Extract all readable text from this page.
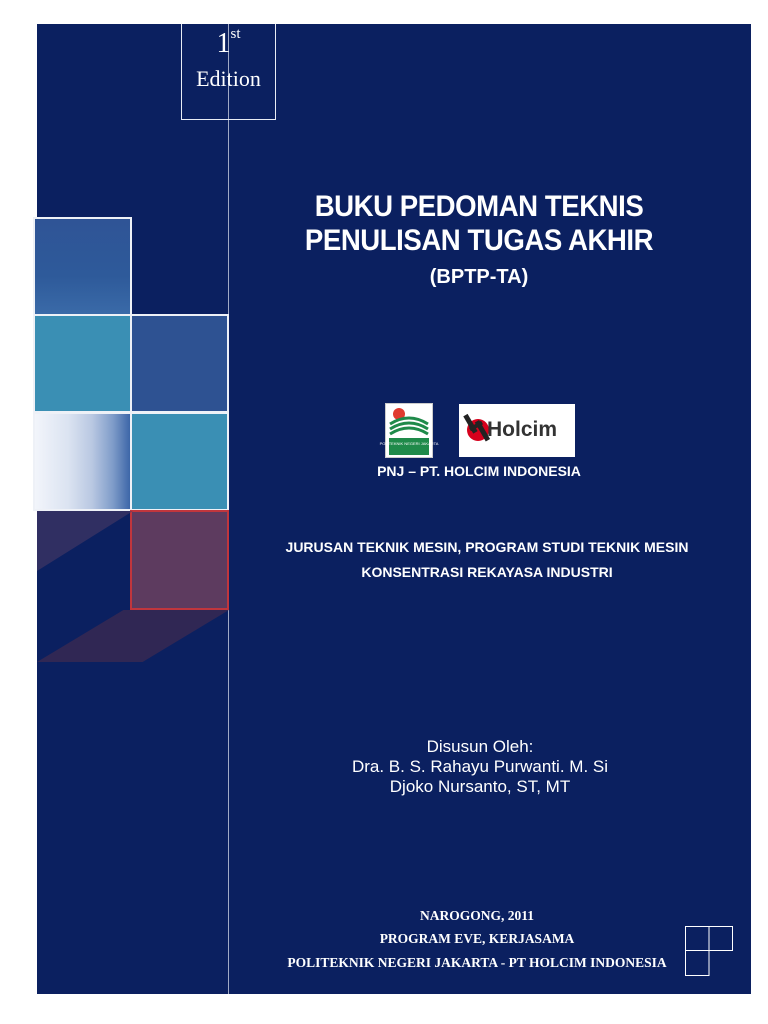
1st
Edition
BUKU PEDOMAN TEKNIS
PENULISAN TUGAS AKHIR
(BPTP-TA)
POLITEKNIK NEGERI JAKARTA
Holcim
PNJ – PT. HOLCIM INDONESIA
JURUSAN TEKNIK MESIN, PROGRAM STUDI TEKNIK MESIN
KONSENTRASI REKAYASA INDUSTRI
Disusun Oleh:
Dra. B. S. Rahayu Purwanti. M. Si
Djoko Nursanto, ST, MT
NAROGONG, 2011
PROGRAM EVE, KERJASAMA
POLITEKNIK NEGERI JAKARTA - PT HOLCIM INDONESIA
